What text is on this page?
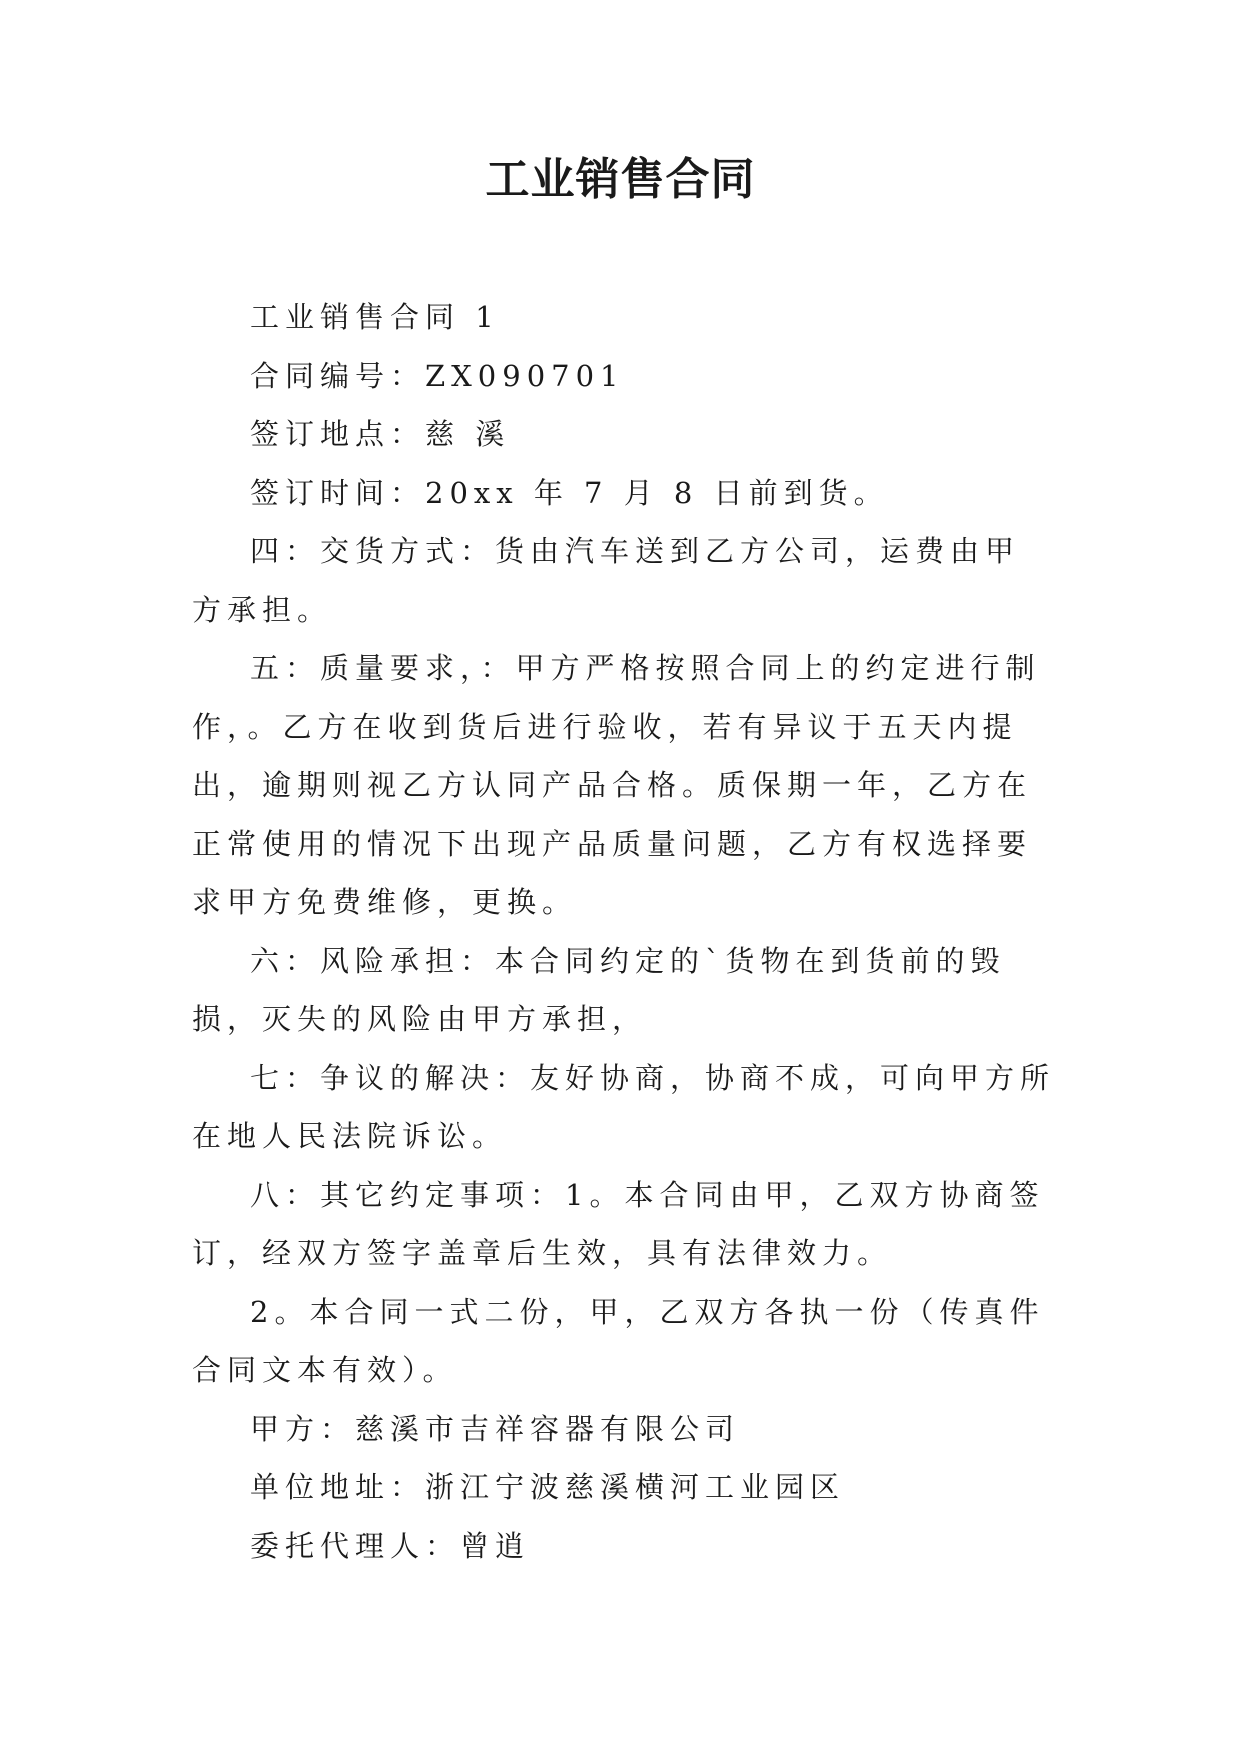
工业销售合同

工业销售合同 1

合同编号：ZX090701

签订地点：慈 溪

签订时间：20xx 年 7 月 8 日前到货。

四：交货方式：货由汽车送到乙方公司，运费由甲 方承担。

五：质量要求，：甲方严格按照合同上的约定进行制作，。乙方在收到货后进行验收，若有异议于五天内提出，逾期则视乙方认同产品合格。质保期一年，乙方在正常使用的情况下出现产品质量问题，乙方有权选择要求甲方免费维修，更换。

六：风险承担：本合同约定的`货物在到货前的毁损，灭失的风险由甲方承担，

七：争议的解决：友好协商，协商不成，可向甲方所在地人民法院诉讼。

八：其它约定事项：1。本合同由甲，乙双方协商签订，经双方签字盖章后生效，具有法律效力。

2。本合同一式二份，甲，乙双方各执一份（传真件合同文本有效）。

甲方：慈溪市吉祥容器有限公司

单位地址：浙江宁波慈溪横河工业园区

委托代理人：曾逍
